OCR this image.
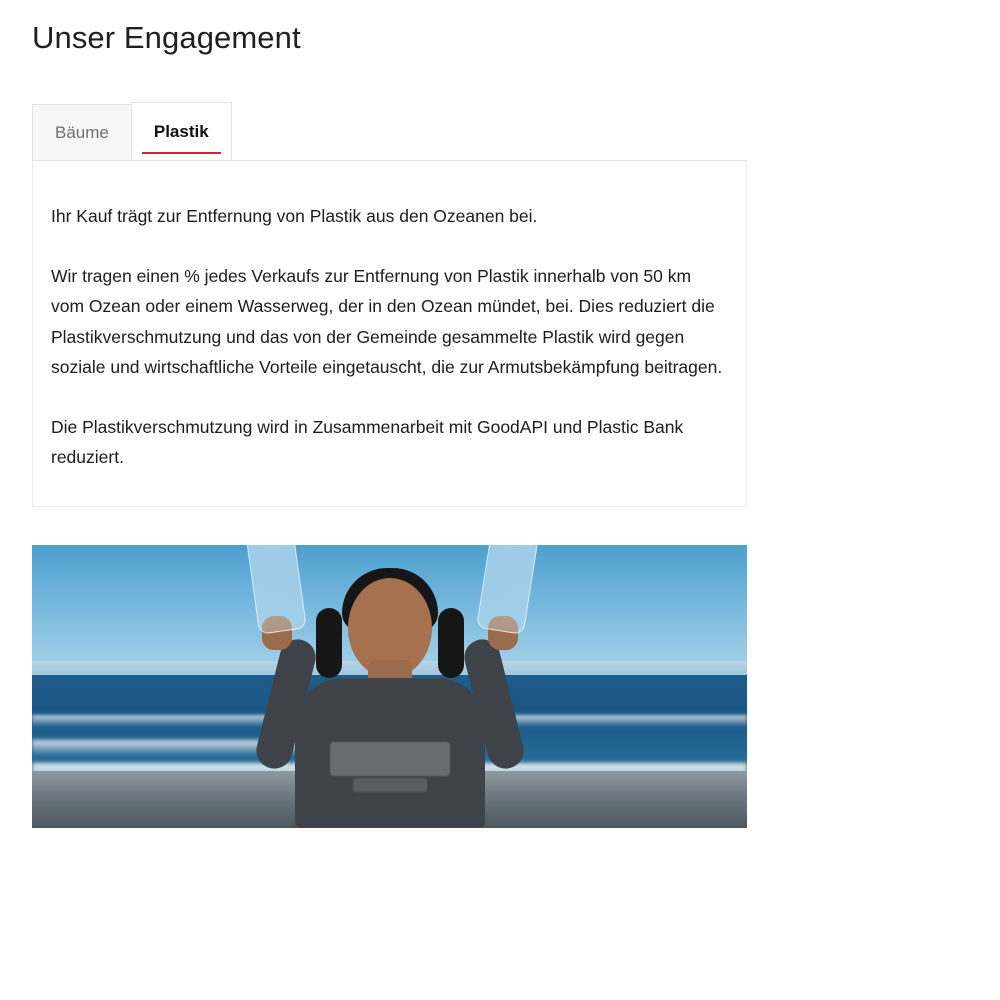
Unser Engagement
Bäume	Plastik

Ihr Kauf trägt zur Entfernung von Plastik aus den Ozeanen bei.

Wir tragen einen % jedes Verkaufs zur Entfernung von Plastik innerhalb von 50 km vom Ozean oder einem Wasserweg, der in den Ozean mündet, bei. Dies reduziert die Plastikverschmutzung und das von der Gemeinde gesammelte Plastik wird gegen soziale und wirtschaftliche Vorteile eingetauscht, die zur Armutsbekämpfung beitragen.

Die Plastikverschmutzung wird in Zusammenarbeit mit GoodAPI und Plastic Bank reduziert.
